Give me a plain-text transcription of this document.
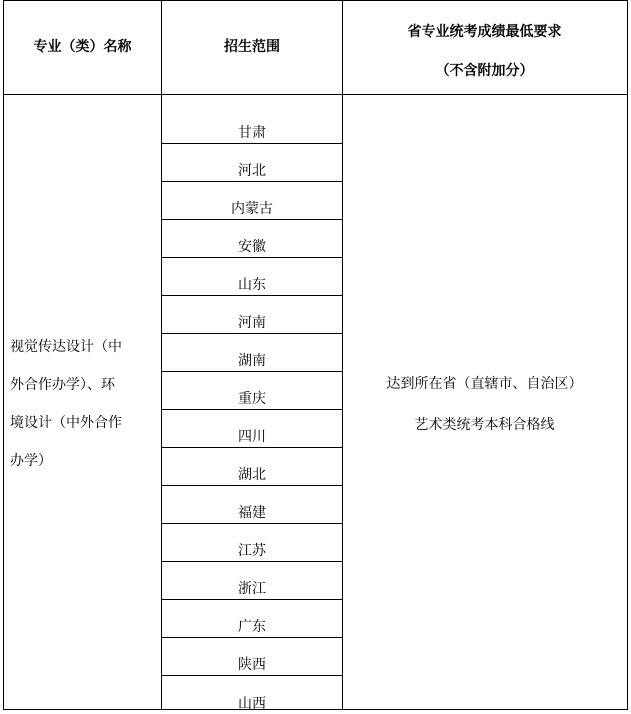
专业（类）名称	招生范围
省专业统考成绩最低要求
（不含附加分）
视觉传达设计（中
外合作办学）、环
境设计（中外合作
办学）
甘肃
河北
内蒙古
安徽
山东
河南
湖南
重庆
四川
湖北
福建
江苏
浙江
广东
陕西
山西
达到所在省（直辖市、自治区）
艺术类统考本科合格线
